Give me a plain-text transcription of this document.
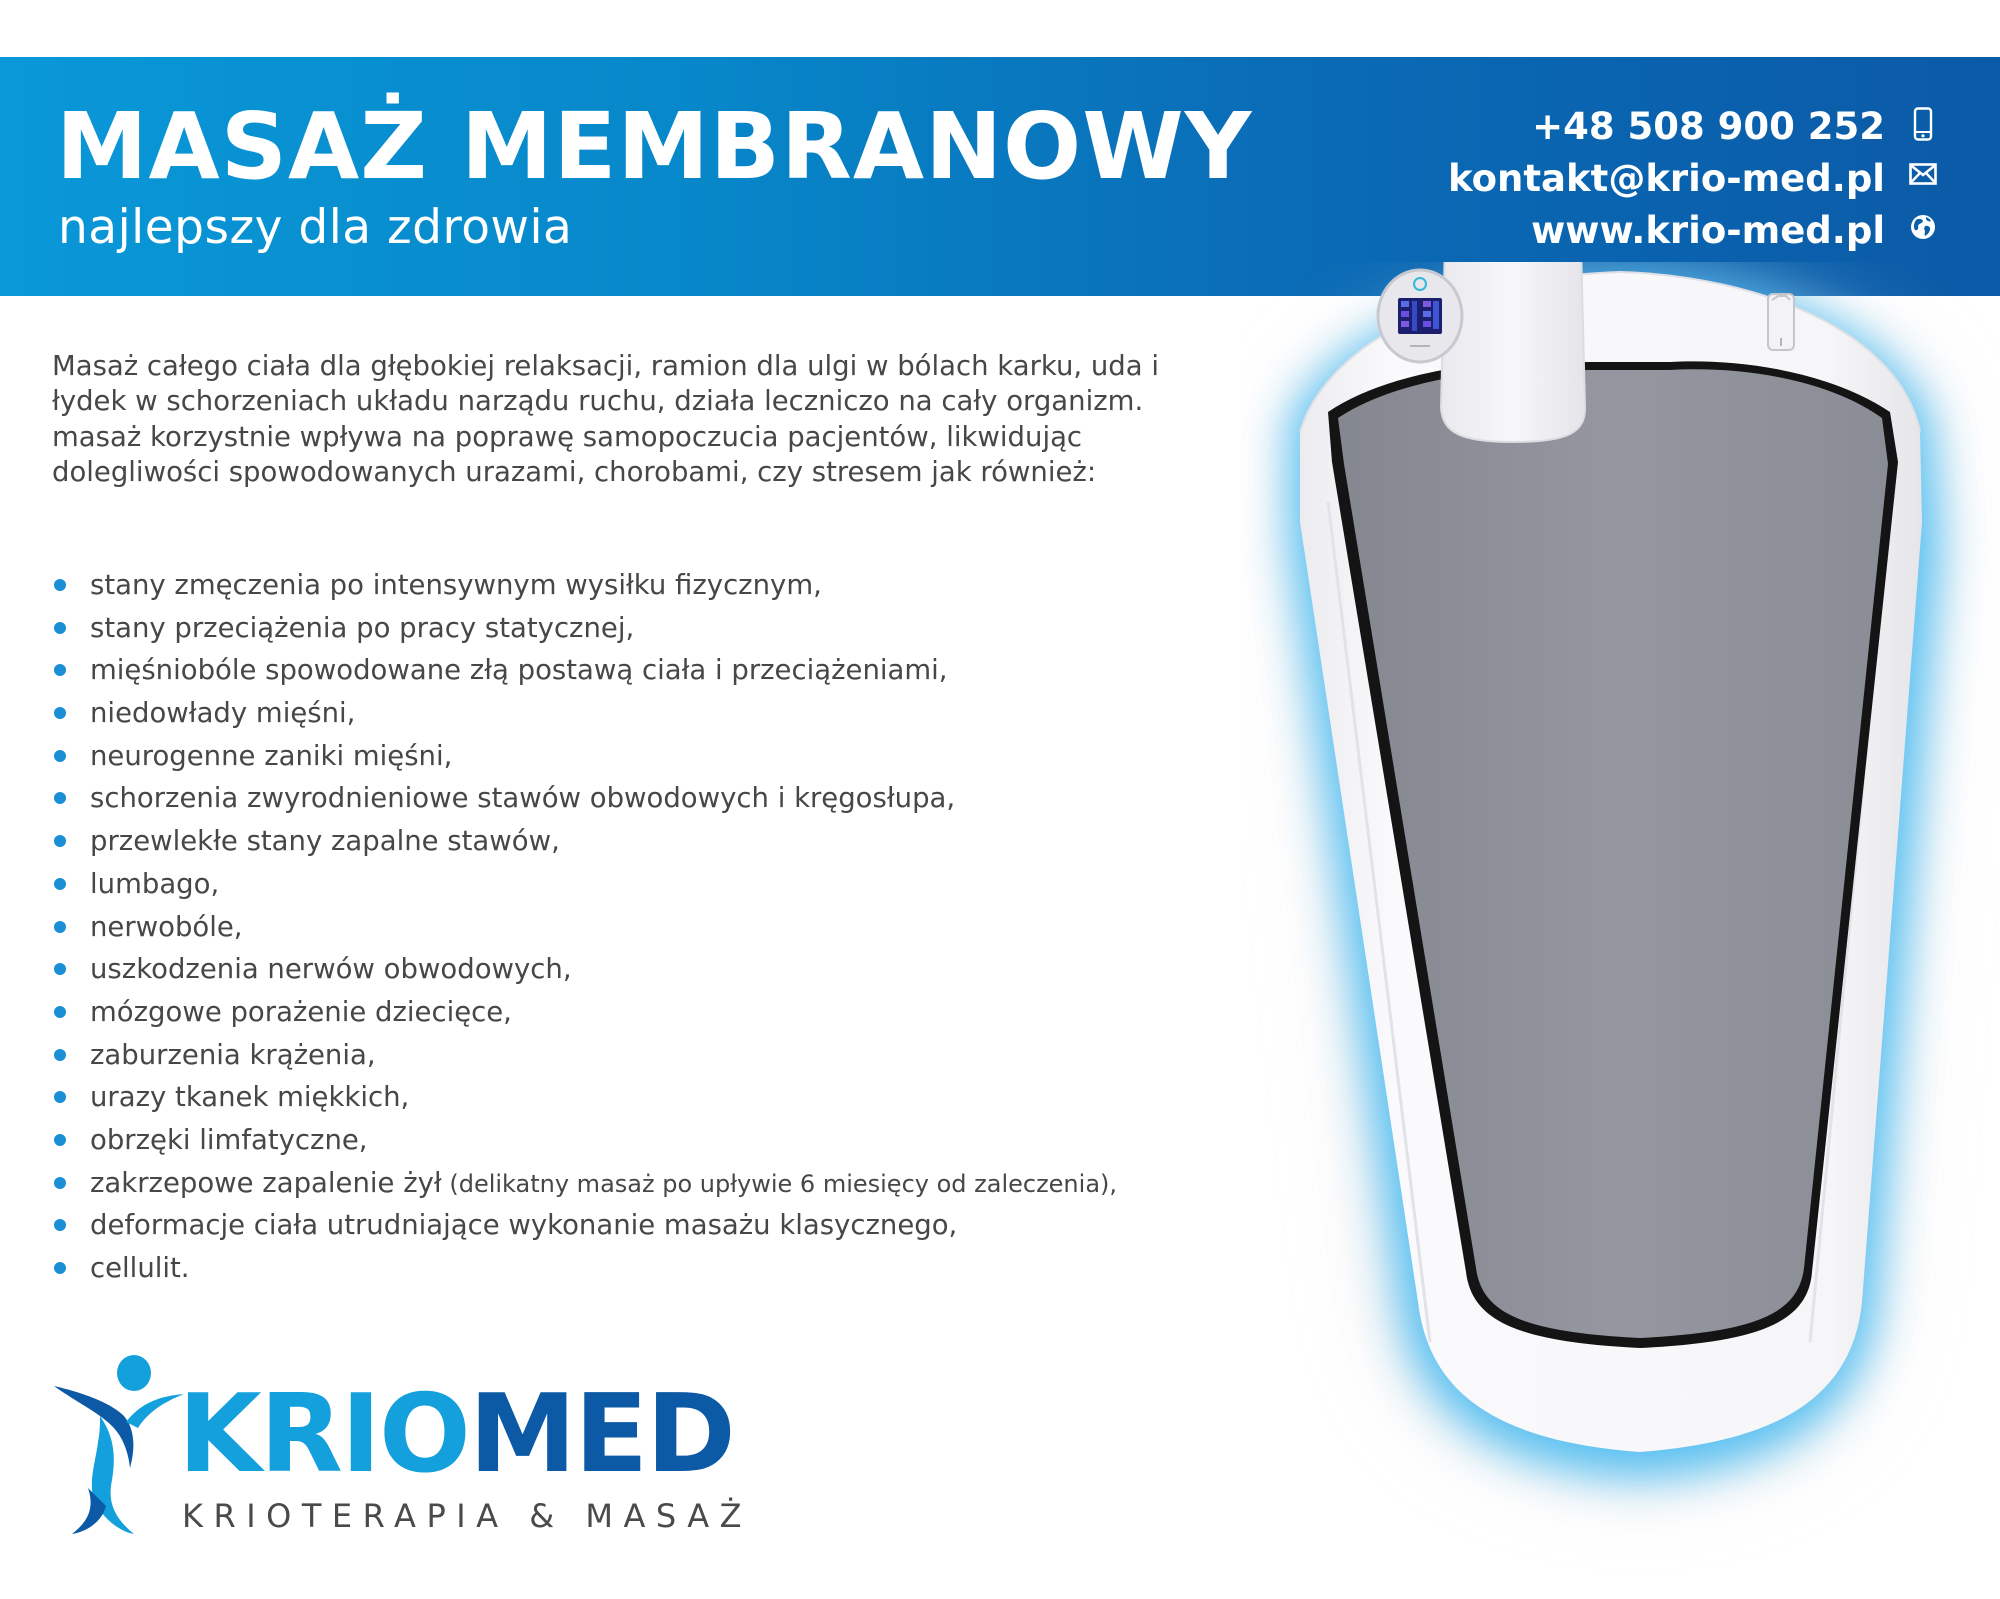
MASAŻ MEMBRANOWY
najlepszy dla zdrowia
+48 508 900 252
kontakt@krio-med.pl
www.krio-med.pl

Masaż całego ciała dla głębokiej relaksacji, ramion dla ulgi w bólach karku, uda i łydek w schorzeniach układu narządu ruchu, działa leczniczo na cały organizm. masaż korzystnie wpływa na poprawę samopoczucia pacjentów, likwidując dolegliwości spowodowanych urazami, chorobami, czy stresem jak również:

stany zmęczenia po intensywnym wysiłku fizycznym,
stany przeciążenia po pracy statycznej,
mięśniobóle spowodowane złą postawą ciała i przeciążeniami,
niedowłady mięśni,
neurogenne zaniki mięśni,
schorzenia zwyrodnieniowe stawów obwodowych i kręgosłupa,
przewlekłe stany zapalne stawów,
lumbago,
nerwobóle,
uszkodzenia nerwów obwodowych,
mózgowe porażenie dziecięce,
zaburzenia krążenia,
urazy tkanek miękkich,
obrzęki limfatyczne,
zakrzepowe zapalenie żył (delikatny masaż po upływie 6 miesięcy od zaleczenia),
deformacje ciała utrudniające wykonanie masażu klasycznego,
cellulit.
KRIOMED
KRIOTERAPIA & MASAŻ
